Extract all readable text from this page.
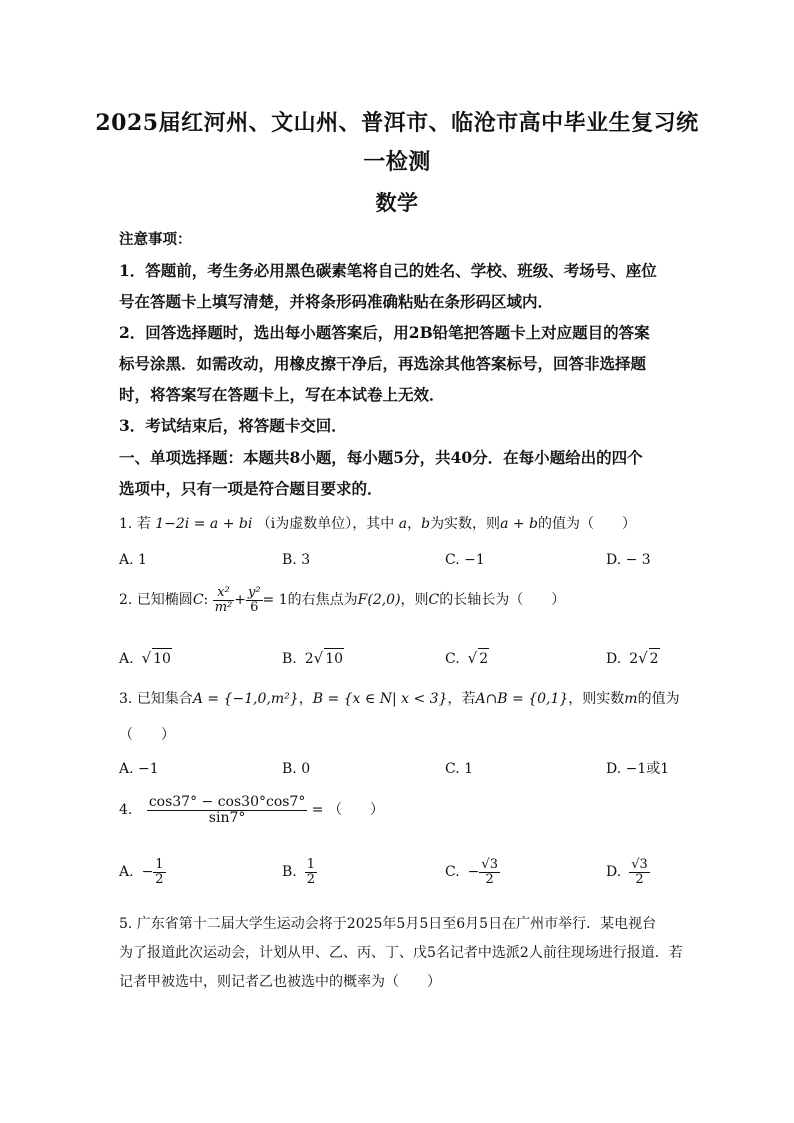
2025届红河州、文山州、普洱市、临沧市高中毕业生复习统
一检测
数学
注意事项：
1．答题前，考生务必用黑色碳素笔将自己的姓名、学校、班级、考场号、座位
号在答题卡上填写清楚，并将条形码准确粘贴在条形码区域内．
2．回答选择题时，选出每小题答案后，用2B铅笔把答题卡上对应题目的答案
标号涂黑．如需改动，用橡皮擦干净后，再选涂其他答案标号，回答非选择题
时，将答案写在答题卡上，写在本试卷上无效．
3．考试结束后，将答题卡交回．
一、单项选择题：本题共8小题，每小题5分，共40分．在每小题给出的四个
选项中，只有一项是符合题目要求的．
1. 若 1−2i = a + bi （i为虚数单位），其中 a，b为实数，则a + b的值为（　　）
A. 1	B. 3	C. −1	D. − 3
2. 已知椭圆C: $\frac{\text{x²}}{\text{m²}} + \frac{\text{y²}}{6} = 1$的右焦点为F(2,0)，则C的长轴长为（　　）
A. √ 10	B. 2√ 10	C. √ 2	D. 2√ 2
3. 已知集合A = {−1,0,m²}，B = {x ∈ N| x < 3}，若A∩B = {0,1}，则实数m的值为
（　　）
A. −1	B. 0	C. 1	D. −1或1
4. $\frac{\cos 37^\circ - \cos 30^\circ\cos 7^\circ}{\sin 7^\circ}$ = （　　）
A. − $\frac{1}{2}$	B. $\frac{1}{2}$	C. − $\frac{√3}{2}$	D. $\frac{√3}{2}$
5. 广东省第十二届大学生运动会将于2025年5月5日至6月5日在广州市举行．某电视台
为了报道此次运动会，计划从甲、乙、丙、丁、戊5名记者中选派2人前往现场进行报道．若
记者甲被选中，则记者乙也被选中的概率为（　　）
